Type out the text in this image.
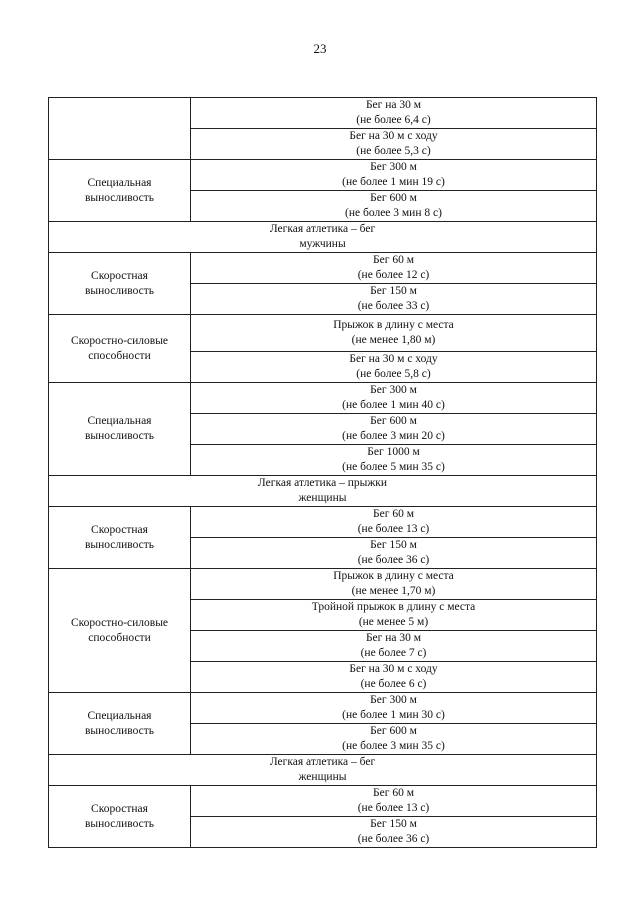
23

	Бег на 30 м
(не более 6,4 с)

	Бег на 30 м с ходу
(не более 5,3 с)

Специальная
выносливость	Бег 300 м
(не более 1 мин 19 с)

	Бег 600 м
(не более 3 мин 8 с)

Легкая атлетика – бег
мужчины	

Скоростная
выносливость	Бег 60 м
(не более 12 с)

	Бег 150 м
(не более 33 с)

Скоростно-силовые
способности	Прыжок в длину с места
(не менее 1,80 м)

	Бег на 30 м с ходу
(не более 5,8 с)

Специальная
выносливость	Бег 300 м
(не более 1 мин 40 с)

	Бег 600 м
(не более 3 мин 20 с)

	Бег 1000 м
(не более 5 мин 35 с)

Легкая атлетика – прыжки
женщины	

Скоростная
выносливость	Бег 60 м
(не более 13 с)

	Бег 150 м
(не более 36 с)

Скоростно-силовые
способности	Прыжок в длину с места
(не менее 1,70 м)

	Тройной прыжок в длину с места
(не менее 5 м)

	Бег на 30 м
(не более 7 с)

	Бег на 30 м с ходу
(не более 6 с)

Специальная
выносливость	Бег 300 м
(не более 1 мин 30 с)

	Бег 600 м
(не более 3 мин 35 с)

Легкая атлетика – бег
женщины	

Скоростная
выносливость	Бег 60 м
(не более 13 с)

	Бег 150 м
(не более 36 с)
